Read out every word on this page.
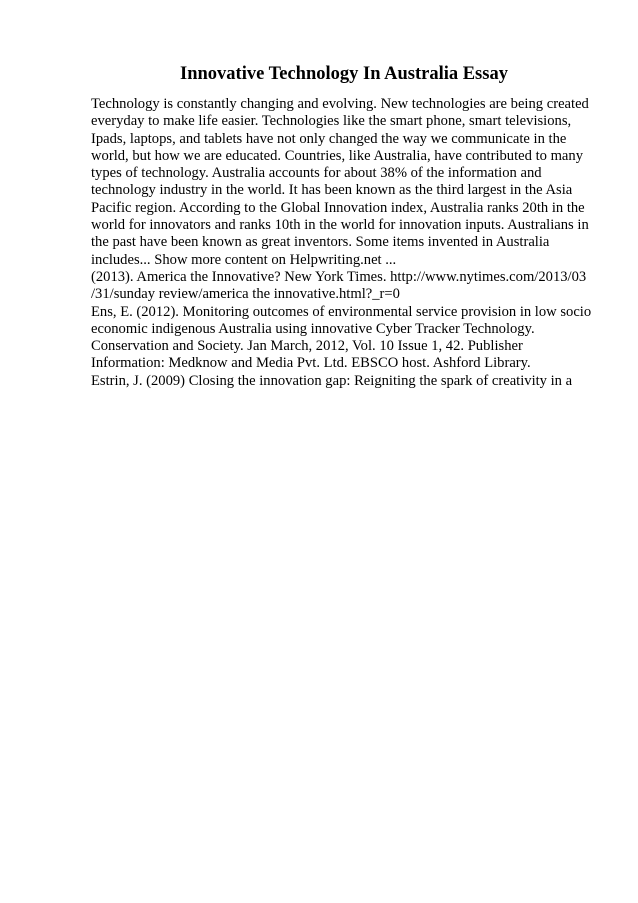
Innovative Technology In Australia Essay
Technology is constantly changing and evolving. New technologies are being created
everyday to make life easier. Technologies like the smart phone, smart televisions,
Ipads, laptops, and tablets have not only changed the way we communicate in the
world, but how we are educated. Countries, like Australia, have contributed to many
types of technology. Australia accounts for about 38% of the information and
technology industry in the world. It has been known as the third largest in the Asia
Pacific region. According to the Global Innovation index, Australia ranks 20th in the
world for innovators and ranks 10th in the world for innovation inputs. Australians in
the past have been known as great inventors. Some items invented in Australia
includes... Show more content on Helpwriting.net ...
(2013). America the Innovative? New York Times. http://www.nytimes.com/2013/03
/31/sunday review/america the innovative.html?_r=0
Ens, E. (2012). Monitoring outcomes of environmental service provision in low socio
economic indigenous Australia using innovative Cyber Tracker Technology.
Conservation and Society. Jan March, 2012, Vol. 10 Issue 1, 42. Publisher
Information: Medknow and Media Pvt. Ltd. EBSCO host. Ashford Library.
Estrin, J. (2009) Closing the innovation gap: Reigniting the spark of creativity in a
